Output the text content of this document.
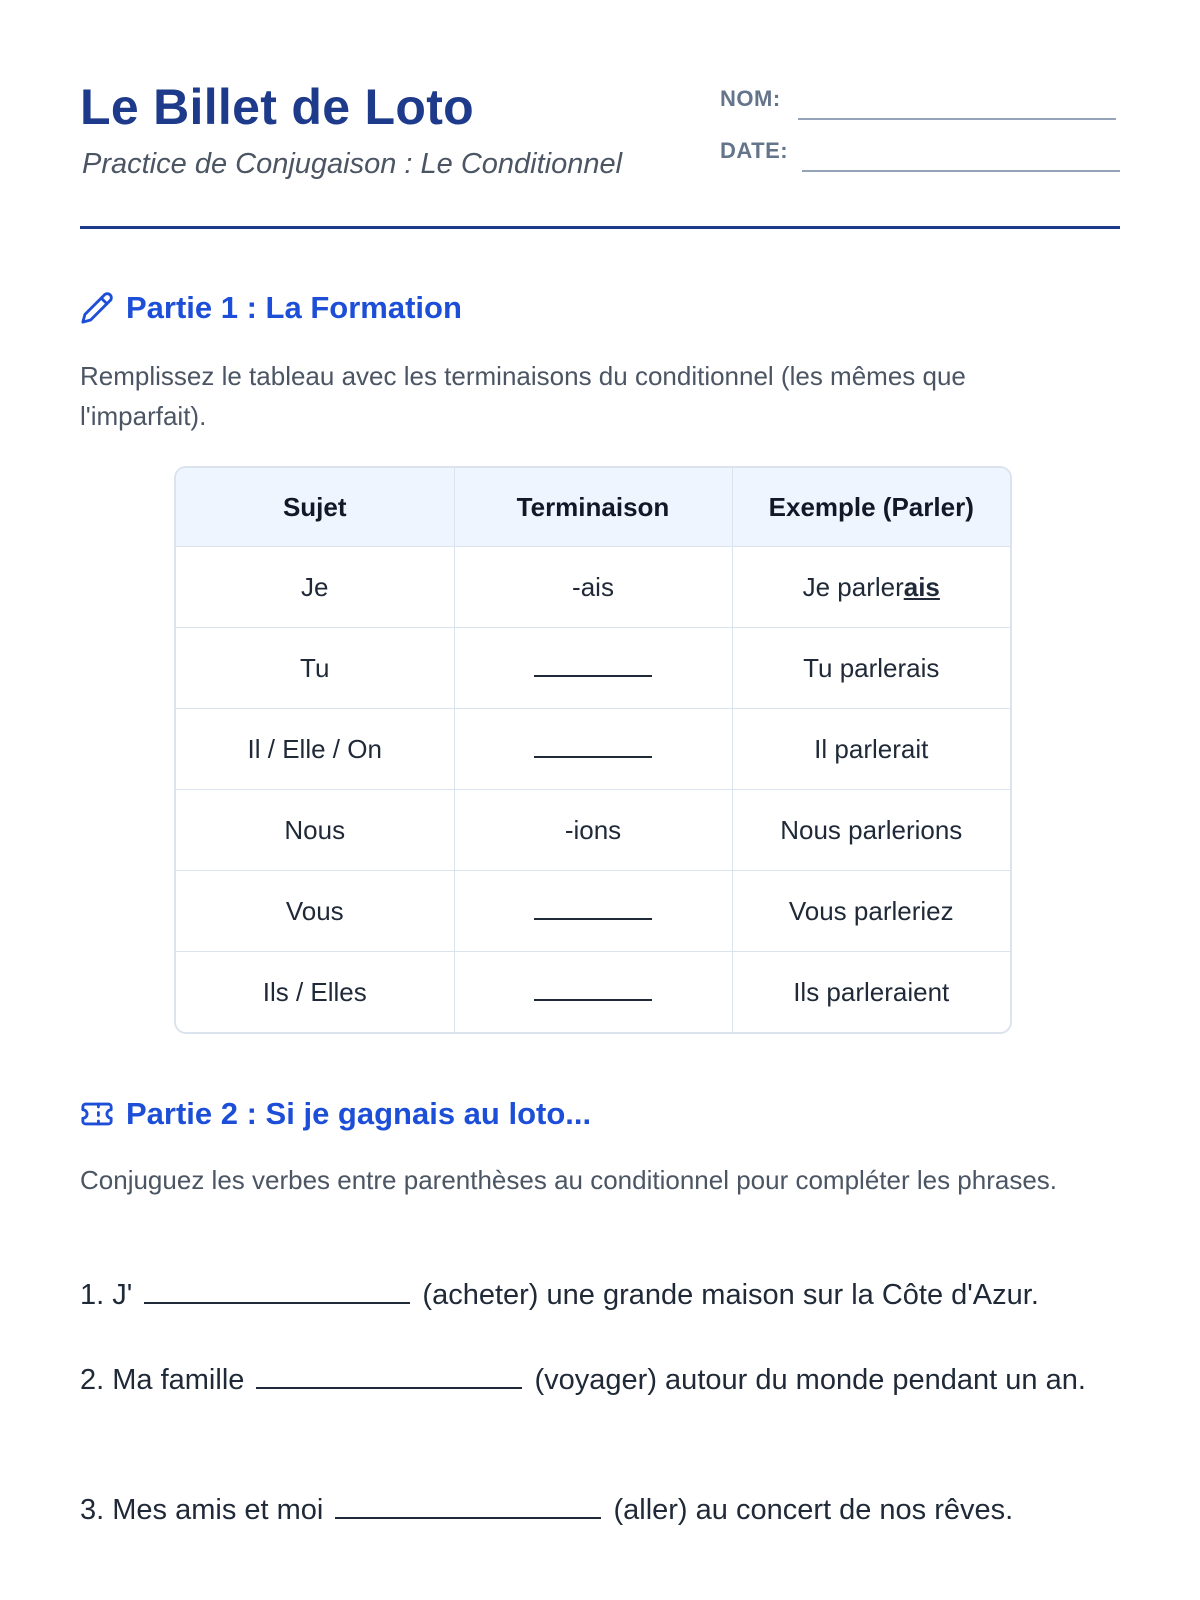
Le Billet de Loto
Practice de Conjugaison : Le Conditionnel
NOM:
DATE:
Partie 1 : La Formation
Remplissez le tableau avec les terminaisons du conditionnel (les mêmes que l'imparfait).
Sujet	Terminaison	Exemple (Parler)
Je	-ais	Je parlerais
Tu		Tu parlerais
Il / Elle / On		Il parlerait
Nous	-ions	Nous parlerions
Vous		Vous parleriez
Ils / Elles		Ils parleraient
Partie 2 : Si je gagnais au loto...
Conjuguez les verbes entre parenthèses au conditionnel pour compléter les phrases.
1. J'	(acheter) une grande maison sur la Côte d'Azur.
2. Ma famille	(voyager) autour du monde pendant un an.
3. Mes amis et moi	(aller) au concert de nos rêves.
